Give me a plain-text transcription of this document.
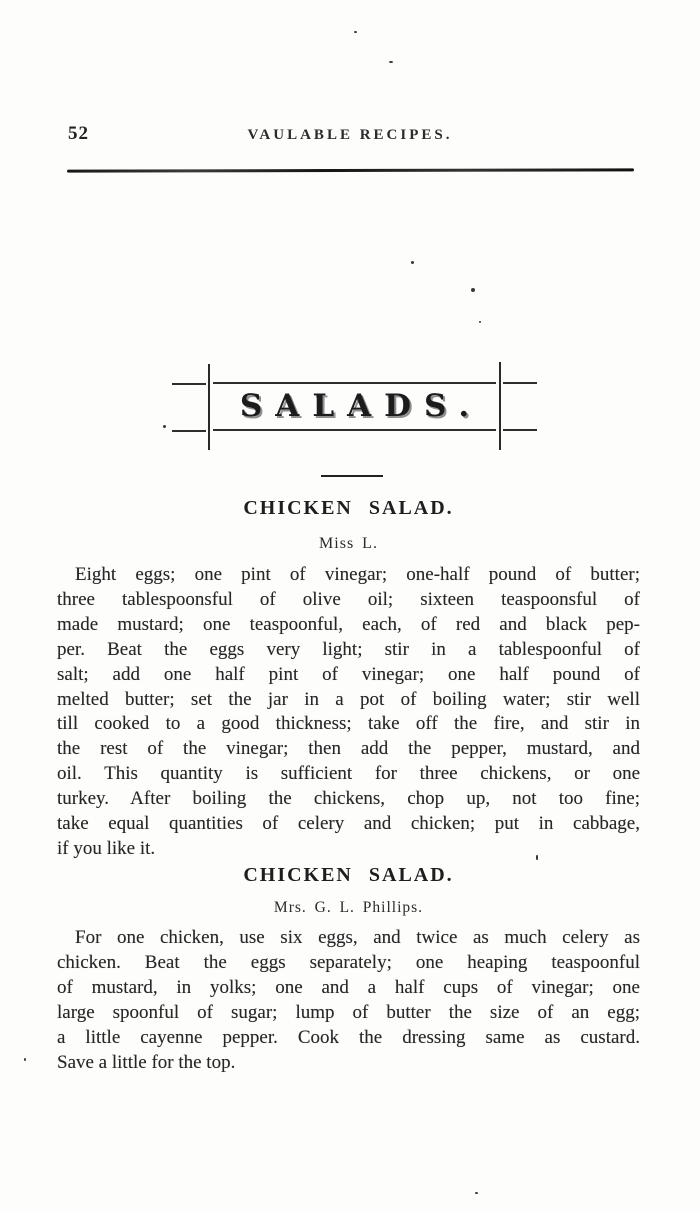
52	VAULABLE RECIPES.
SALADS.
CHICKEN SALAD.
Miss L.
Eight eggs; one pint of vinegar; one-half pound of butter;
three tablespoonsful of olive oil; sixteen teaspoonsful of
made mustard; one teaspoonful, each, of red and black pep-
per. Beat the eggs very light; stir in a tablespoonful of
salt; add one half pint of vinegar; one half pound of
melted butter; set the jar in a pot of boiling water; stir well
till cooked to a good thickness; take off the fire, and stir in
the rest of the vinegar; then add the pepper, mustard, and
oil. This quantity is sufficient for three chickens, or one
turkey. After boiling the chickens, chop up, not too fine;
take equal quantities of celery and chicken; put in cabbage,
if you like it.
CHICKEN SALAD.
Mrs. G. L. Phillips.
For one chicken, use six eggs, and twice as much celery as
chicken. Beat the eggs separately; one heaping teaspoonful
of mustard, in yolks; one and a half cups of vinegar; one
large spoonful of sugar; lump of butter the size of an egg;
a little cayenne pepper. Cook the dressing same as custard.
Save a little for the top.
